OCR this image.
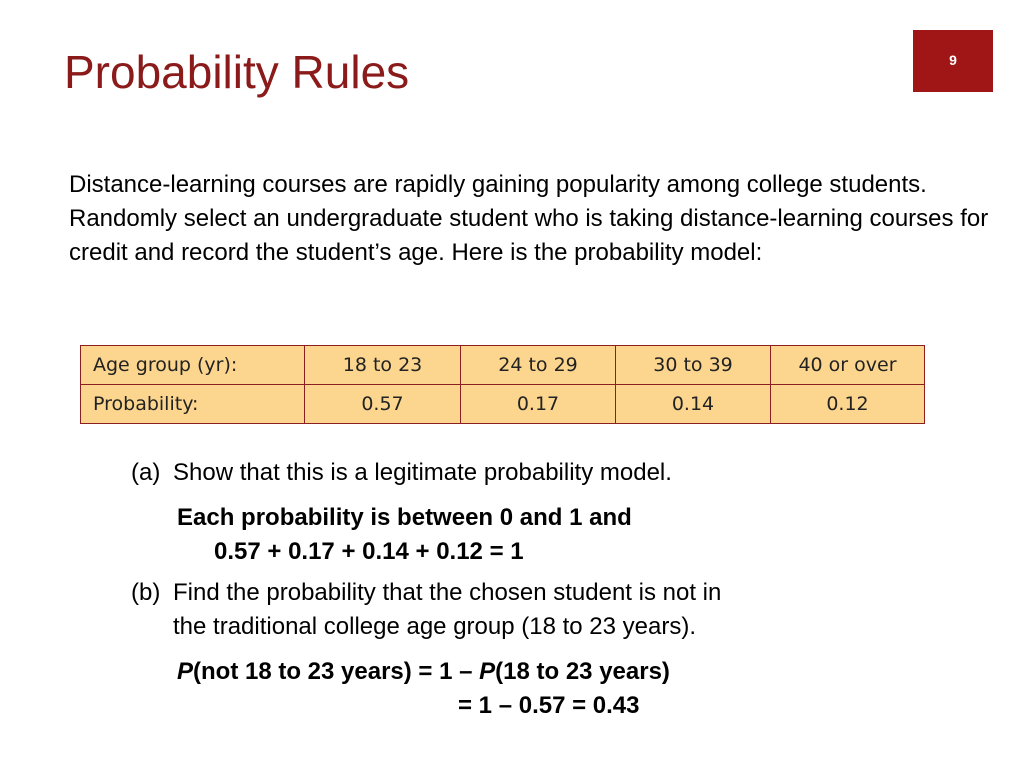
Probability Rules	9
Distance-learning courses are rapidly gaining popularity among college students. Randomly select an undergraduate student who is taking distance-learning courses for credit and record the student’s age. Here is the probability model:
Age group (yr):	18 to 23	24 to 29	30 to 39	40 or over
Probability:	0.57	0.17	0.14	0.12
(a) Show that this is a legitimate probability model.
Each probability is between 0 and 1 and
0.57 + 0.17 + 0.14 + 0.12 = 1
(b) Find the probability that the chosen student is not in
the traditional college age group (18 to 23 years).
P(not 18 to 23 years) = 1 – P(18 to 23 years)
= 1 – 0.57 = 0.43
